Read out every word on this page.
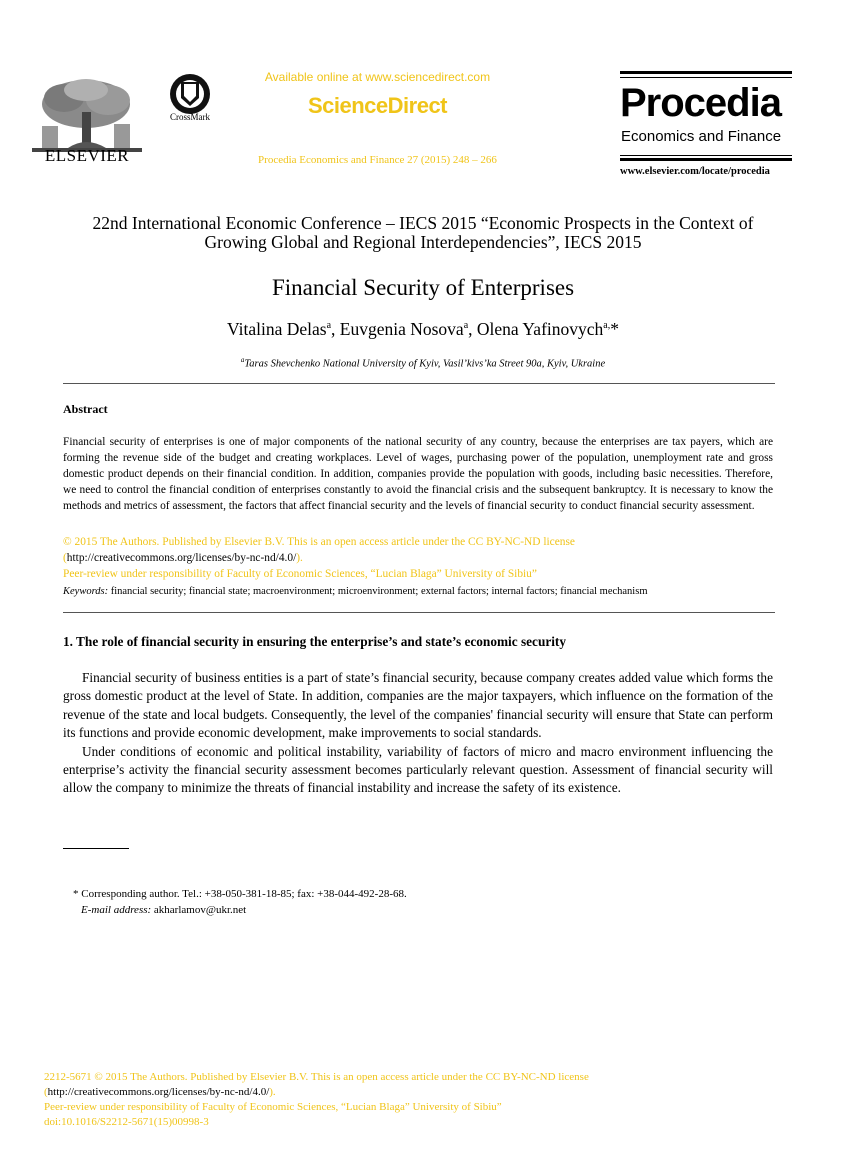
ELSEVIER
CrossMark
Available online at www.sciencedirect.com
ScienceDirect
Procedia Economics and Finance 27 (2015) 248 – 266
Procedia
Economics and Finance
www.elsevier.com/locate/procedia
22nd International Economic Conference – IECS 2015 “Economic Prospects in the Context of
Growing Global and Regional Interdependencies”, IECS 2015
Financial Security of Enterprises
Vitalina Delas$^a$, Euvgenia Nosova$^a$, Olena Yafinovych$^{a,}$*
$^a$Taras Shevchenko National University of Kyiv, Vasil’kivs’ka Street 90a, Kyiv, Ukraine
Abstract
Financial security of enterprises is one of major components of the national security of any country, because the enterprises are tax payers, which are forming the revenue side of the budget and creating workplaces. Level of wages, purchasing power of the population, unemployment rate and gross domestic product depends on their financial condition. In addition, companies provide the population with goods, including basic necessities. Therefore, we need to control the financial condition of enterprises constantly to avoid the financial crisis and the subsequent bankruptcy. It is necessary to know the methods and metrics of assessment, the factors that affect financial security and the levels of financial security to conduct financial security assessment.
© 2015 The Authors. Published by Elsevier B.V. This is an open access article under the CC BY-NC-ND license
(http://creativecommons.org/licenses/by-nc-nd/4.0/).
Peer-review under responsibility of Faculty of Economic Sciences, “Lucian Blaga” University of Sibiu”
Keywords: financial security; financial state; macroenvironment; microenvironment; external factors; internal factors; financial mechanism
1. The role of financial security in ensuring the enterprise’s and state’s economic security

Financial security of business entities is a part of state’s financial security, because company creates added value which forms the gross domestic product at the level of State. In addition, companies are the major taxpayers, which influence on the formation of the revenue of the state and local budgets. Consequently, the level of the companies' financial security will ensure that State can perform its functions and provide economic development, make improvements to social standards.

Under conditions of economic and political instability, variability of factors of micro and macro environment influencing the enterprise’s activity the financial security assessment becomes particularly relevant question. Assessment of financial security will allow the company to minimize the threats of financial instability and increase the safety of its existence.

* Corresponding author. Tel.: +38-050-381-18-85; fax: +38-044-492-28-68.
E-mail address: akharlamov@ukr.net
2212-5671 © 2015 The Authors. Published by Elsevier B.V. This is an open access article under the CC BY-NC-ND license
(http://creativecommons.org/licenses/by-nc-nd/4.0/).
Peer-review under responsibility of Faculty of Economic Sciences, “Lucian Blaga” University of Sibiu”
doi:10.1016/S2212-5671(15)00998-3
